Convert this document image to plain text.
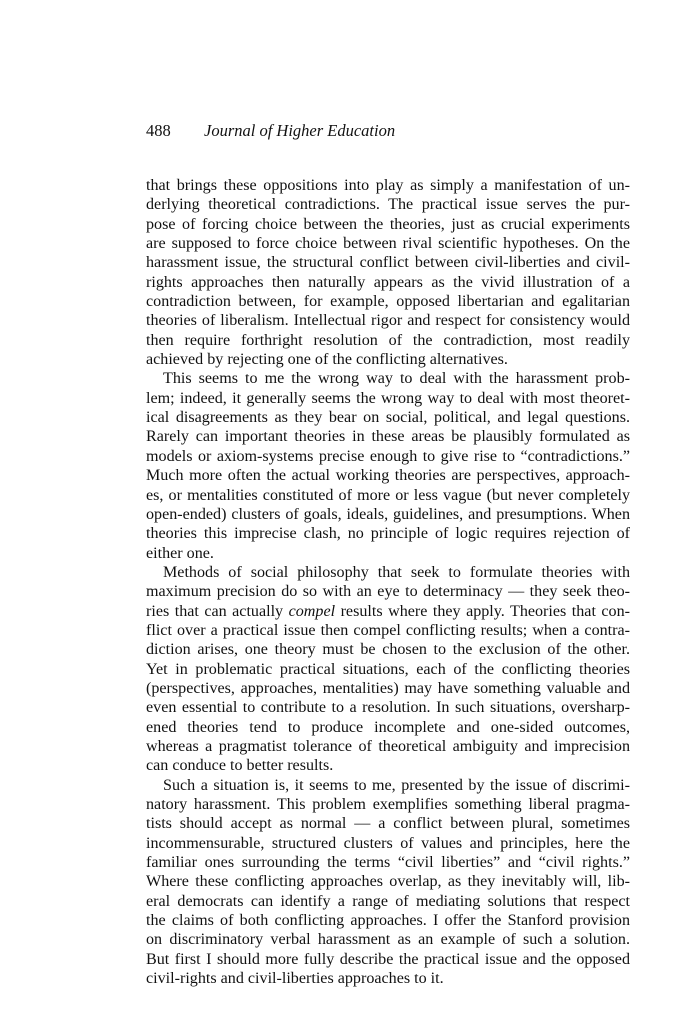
488 Journal of Higher Education
that brings these oppositions into play as simply a manifestation of un-
derlying theoretical contradictions. The practical issue serves the pur-
pose of forcing choice between the theories, just as crucial experiments
are supposed to force choice between rival scientific hypotheses. On the
harassment issue, the structural conflict between civil-liberties and civil-
rights approaches then naturally appears as the vivid illustration of a
contradiction between, for example, opposed libertarian and egalitarian
theories of liberalism. Intellectual rigor and respect for consistency would
then require forthright resolution of the contradiction, most readily
achieved by rejecting one of the conflicting alternatives.
This seems to me the wrong way to deal with the harassment prob-
lem; indeed, it generally seems the wrong way to deal with most theoret-
ical disagreements as they bear on social, political, and legal questions.
Rarely can important theories in these areas be plausibly formulated as
models or axiom-systems precise enough to give rise to “contradictions.”
Much more often the actual working theories are perspectives, approach-
es, or mentalities constituted of more or less vague (but never completely
open-ended) clusters of goals, ideals, guidelines, and presumptions. When
theories this imprecise clash, no principle of logic requires rejection of
either one.
Methods of social philosophy that seek to formulate theories with
maximum precision do so with an eye to determinacy — they seek theo-
ries that can actually compel results where they apply. Theories that con-
flict over a practical issue then compel conflicting results; when a contra-
diction arises, one theory must be chosen to the exclusion of the other.
Yet in problematic practical situations, each of the conflicting theories
(perspectives, approaches, mentalities) may have something valuable and
even essential to contribute to a resolution. In such situations, oversharp-
ened theories tend to produce incomplete and one-sided outcomes,
whereas a pragmatist tolerance of theoretical ambiguity and imprecision
can conduce to better results.
Such a situation is, it seems to me, presented by the issue of discrimi-
natory harassment. This problem exemplifies something liberal pragma-
tists should accept as normal — a conflict between plural, sometimes
incommensurable, structured clusters of values and principles, here the
familiar ones surrounding the terms “civil liberties” and “civil rights.”
Where these conflicting approaches overlap, as they inevitably will, lib-
eral democrats can identify a range of mediating solutions that respect
the claims of both conflicting approaches. I offer the Stanford provision
on discriminatory verbal harassment as an example of such a solution.
But first I should more fully describe the practical issue and the opposed
civil-rights and civil-liberties approaches to it.
